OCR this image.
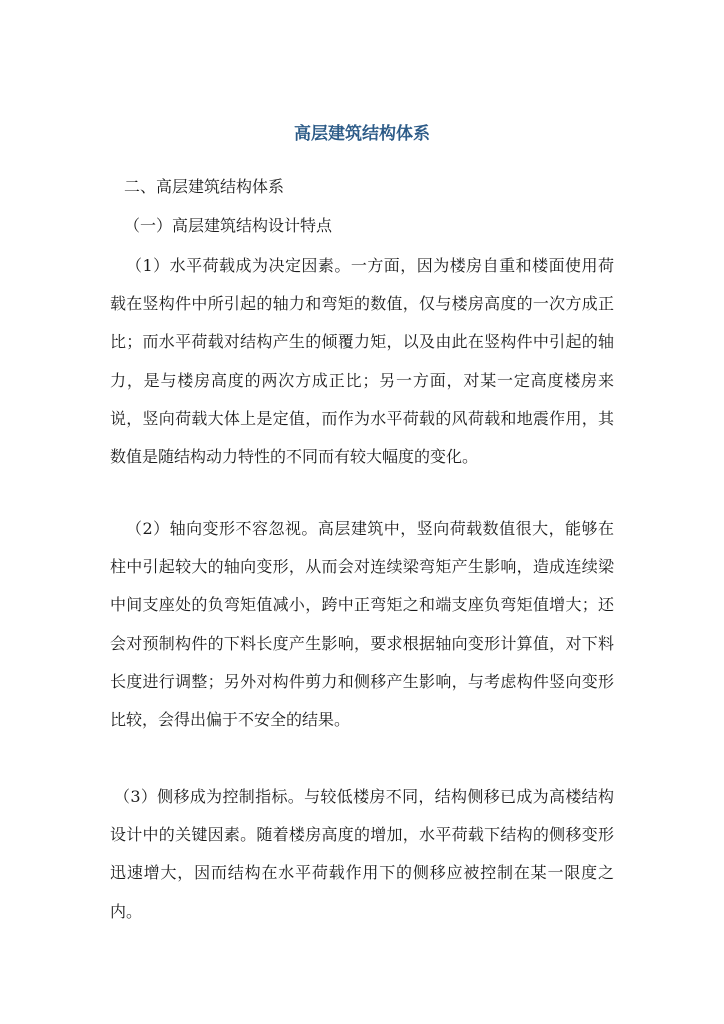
高层建筑结构体系
二、高层建筑结构体系
（一）高层建筑结构设计特点

（1）水平荷载成为决定因素。一方面，因为楼房自重和楼面使用荷载在竖构件中所引起的轴力和弯矩的数值，仅与楼房高度的一次方成正比；而水平荷载对结构产生的倾覆力矩，以及由此在竖构件中引起的轴力，是与楼房高度的两次方成正比；另一方面，对某一定高度楼房来说，竖向荷载大体上是定值，而作为水平荷载的风荷载和地震作用，其数值是随结构动力特性的不同而有较大幅度的变化。

（2）轴向变形不容忽视。高层建筑中，竖向荷载数值很大，能够在柱中引起较大的轴向变形，从而会对连续梁弯矩产生影响，造成连续梁中间支座处的负弯矩值减小，跨中正弯矩之和端支座负弯矩值增大；还会对预制构件的下料长度产生影响，要求根据轴向变形计算值，对下料长度进行调整；另外对构件剪力和侧移产生影响，与考虑构件竖向变形比较，会得出偏于不安全的结果。

（3）侧移成为控制指标。与较低楼房不同，结构侧移已成为高楼结构设计中的关键因素。随着楼房高度的增加，水平荷载下结构的侧移变形迅速增大，因而结构在水平荷载作用下的侧移应被控制在某一限度之内。
